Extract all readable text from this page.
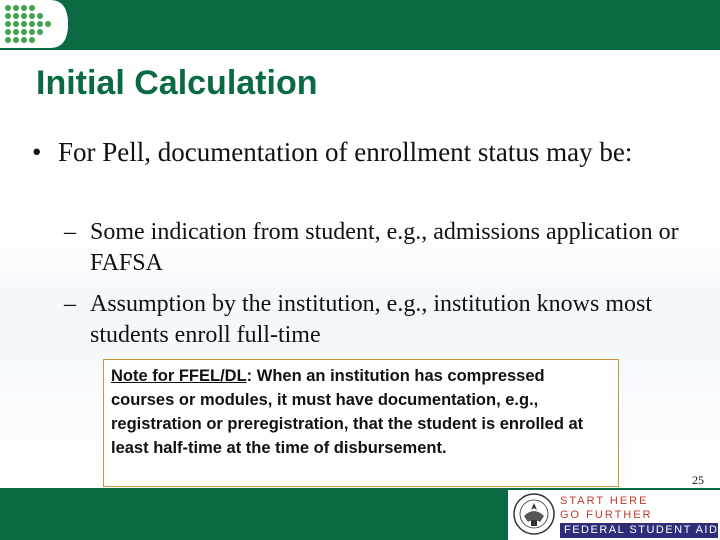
Initial Calculation
• For Pell, documentation of enrollment status may be:
– Some indication from student, e.g., admissions application or FAFSA
– Assumption by the institution, e.g., institution knows most students enroll full-time
Note for FFEL/DL: When an institution has compressed courses or modules, it must have documentation, e.g., registration or preregistration, that the student is enrolled at least half-time at the time of disbursement.
25
START HERE
GO FURTHER
FEDERAL STUDENT AID
